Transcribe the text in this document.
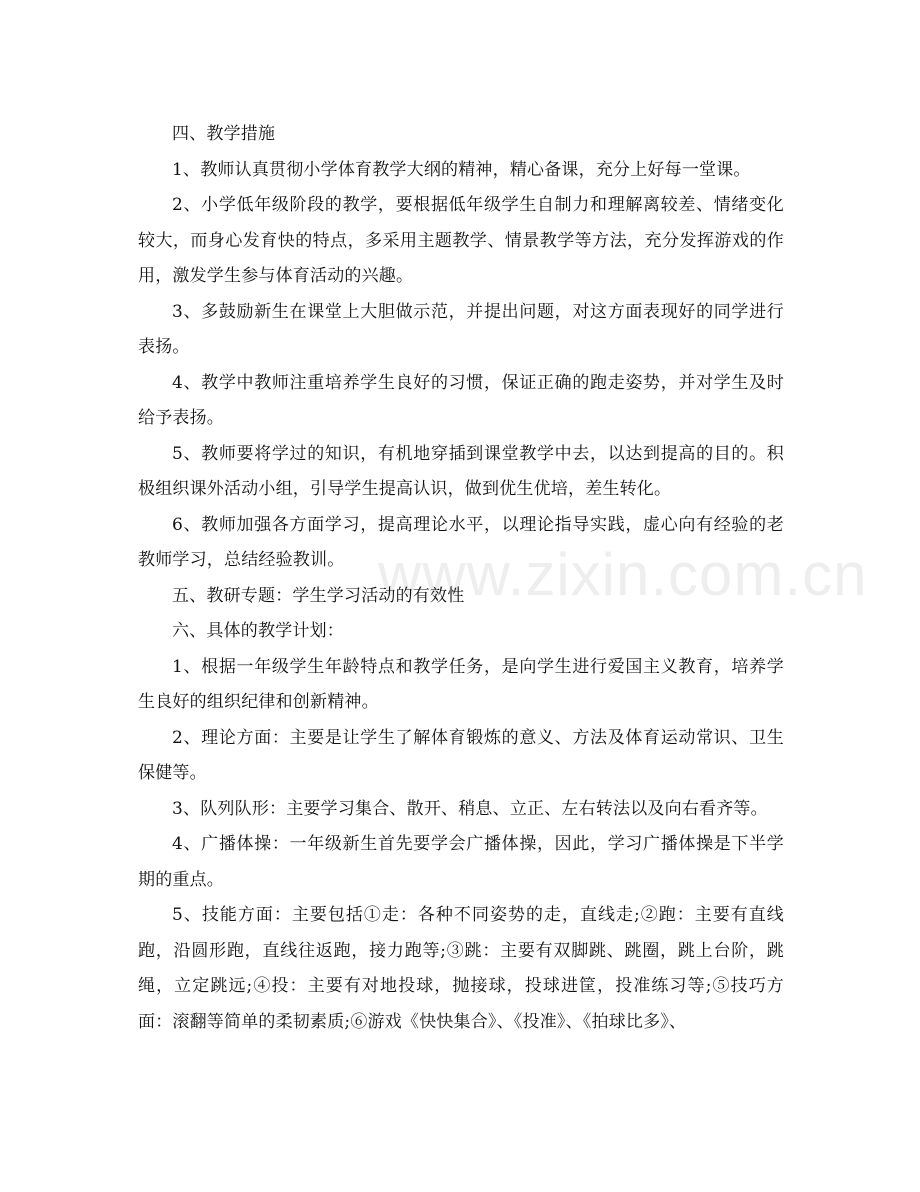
www.zixin.com.cn

四、教学措施

1、教师认真贯彻小学体育教学大纲的精神，精心备课，充分上好每一堂课。

2、小学低年级阶段的教学，要根据低年级学生自制力和理解离较差、情绪变化较大，而身心发育快的特点，多采用主题教学、情景教学等方法，充分发挥游戏的作用，激发学生参与体育活动的兴趣。

3、多鼓励新生在课堂上大胆做示范，并提出问题，对这方面表现好的同学进行表扬。

4、教学中教师注重培养学生良好的习惯，保证正确的跑走姿势，并对学生及时给予表扬。

5、教师要将学过的知识，有机地穿插到课堂教学中去，以达到提高的目的。积极组织课外活动小组，引导学生提高认识，做到优生优培，差生转化。

6、教师加强各方面学习，提高理论水平，以理论指导实践，虚心向有经验的老教师学习，总结经验教训。

五、教研专题：学生学习活动的有效性

六、具体的教学计划：

1、根据一年级学生年龄特点和教学任务，是向学生进行爱国主义教育，培养学生良好的组织纪律和创新精神。

2、理论方面：主要是让学生了解体育锻炼的意义、方法及体育运动常识、卫生保健等。

3、队列队形：主要学习集合、散开、稍息、立正、左右转法以及向右看齐等。

4、广播体操：一年级新生首先要学会广播体操，因此，学习广播体操是下半学期的重点。

5、技能方面：主要包括①走：各种不同姿势的走，直线走;②跑：主要有直线跑，沿圆形跑，直线往返跑，接力跑等;③跳：主要有双脚跳、跳圈，跳上台阶，跳绳，立定跳远;④投：主要有对地投球，抛接球，投球进筐，投准练习等;⑤技巧方面：滚翻等简单的柔韧素质;⑥游戏《快快集合》、《投准》、《拍球比多》、
